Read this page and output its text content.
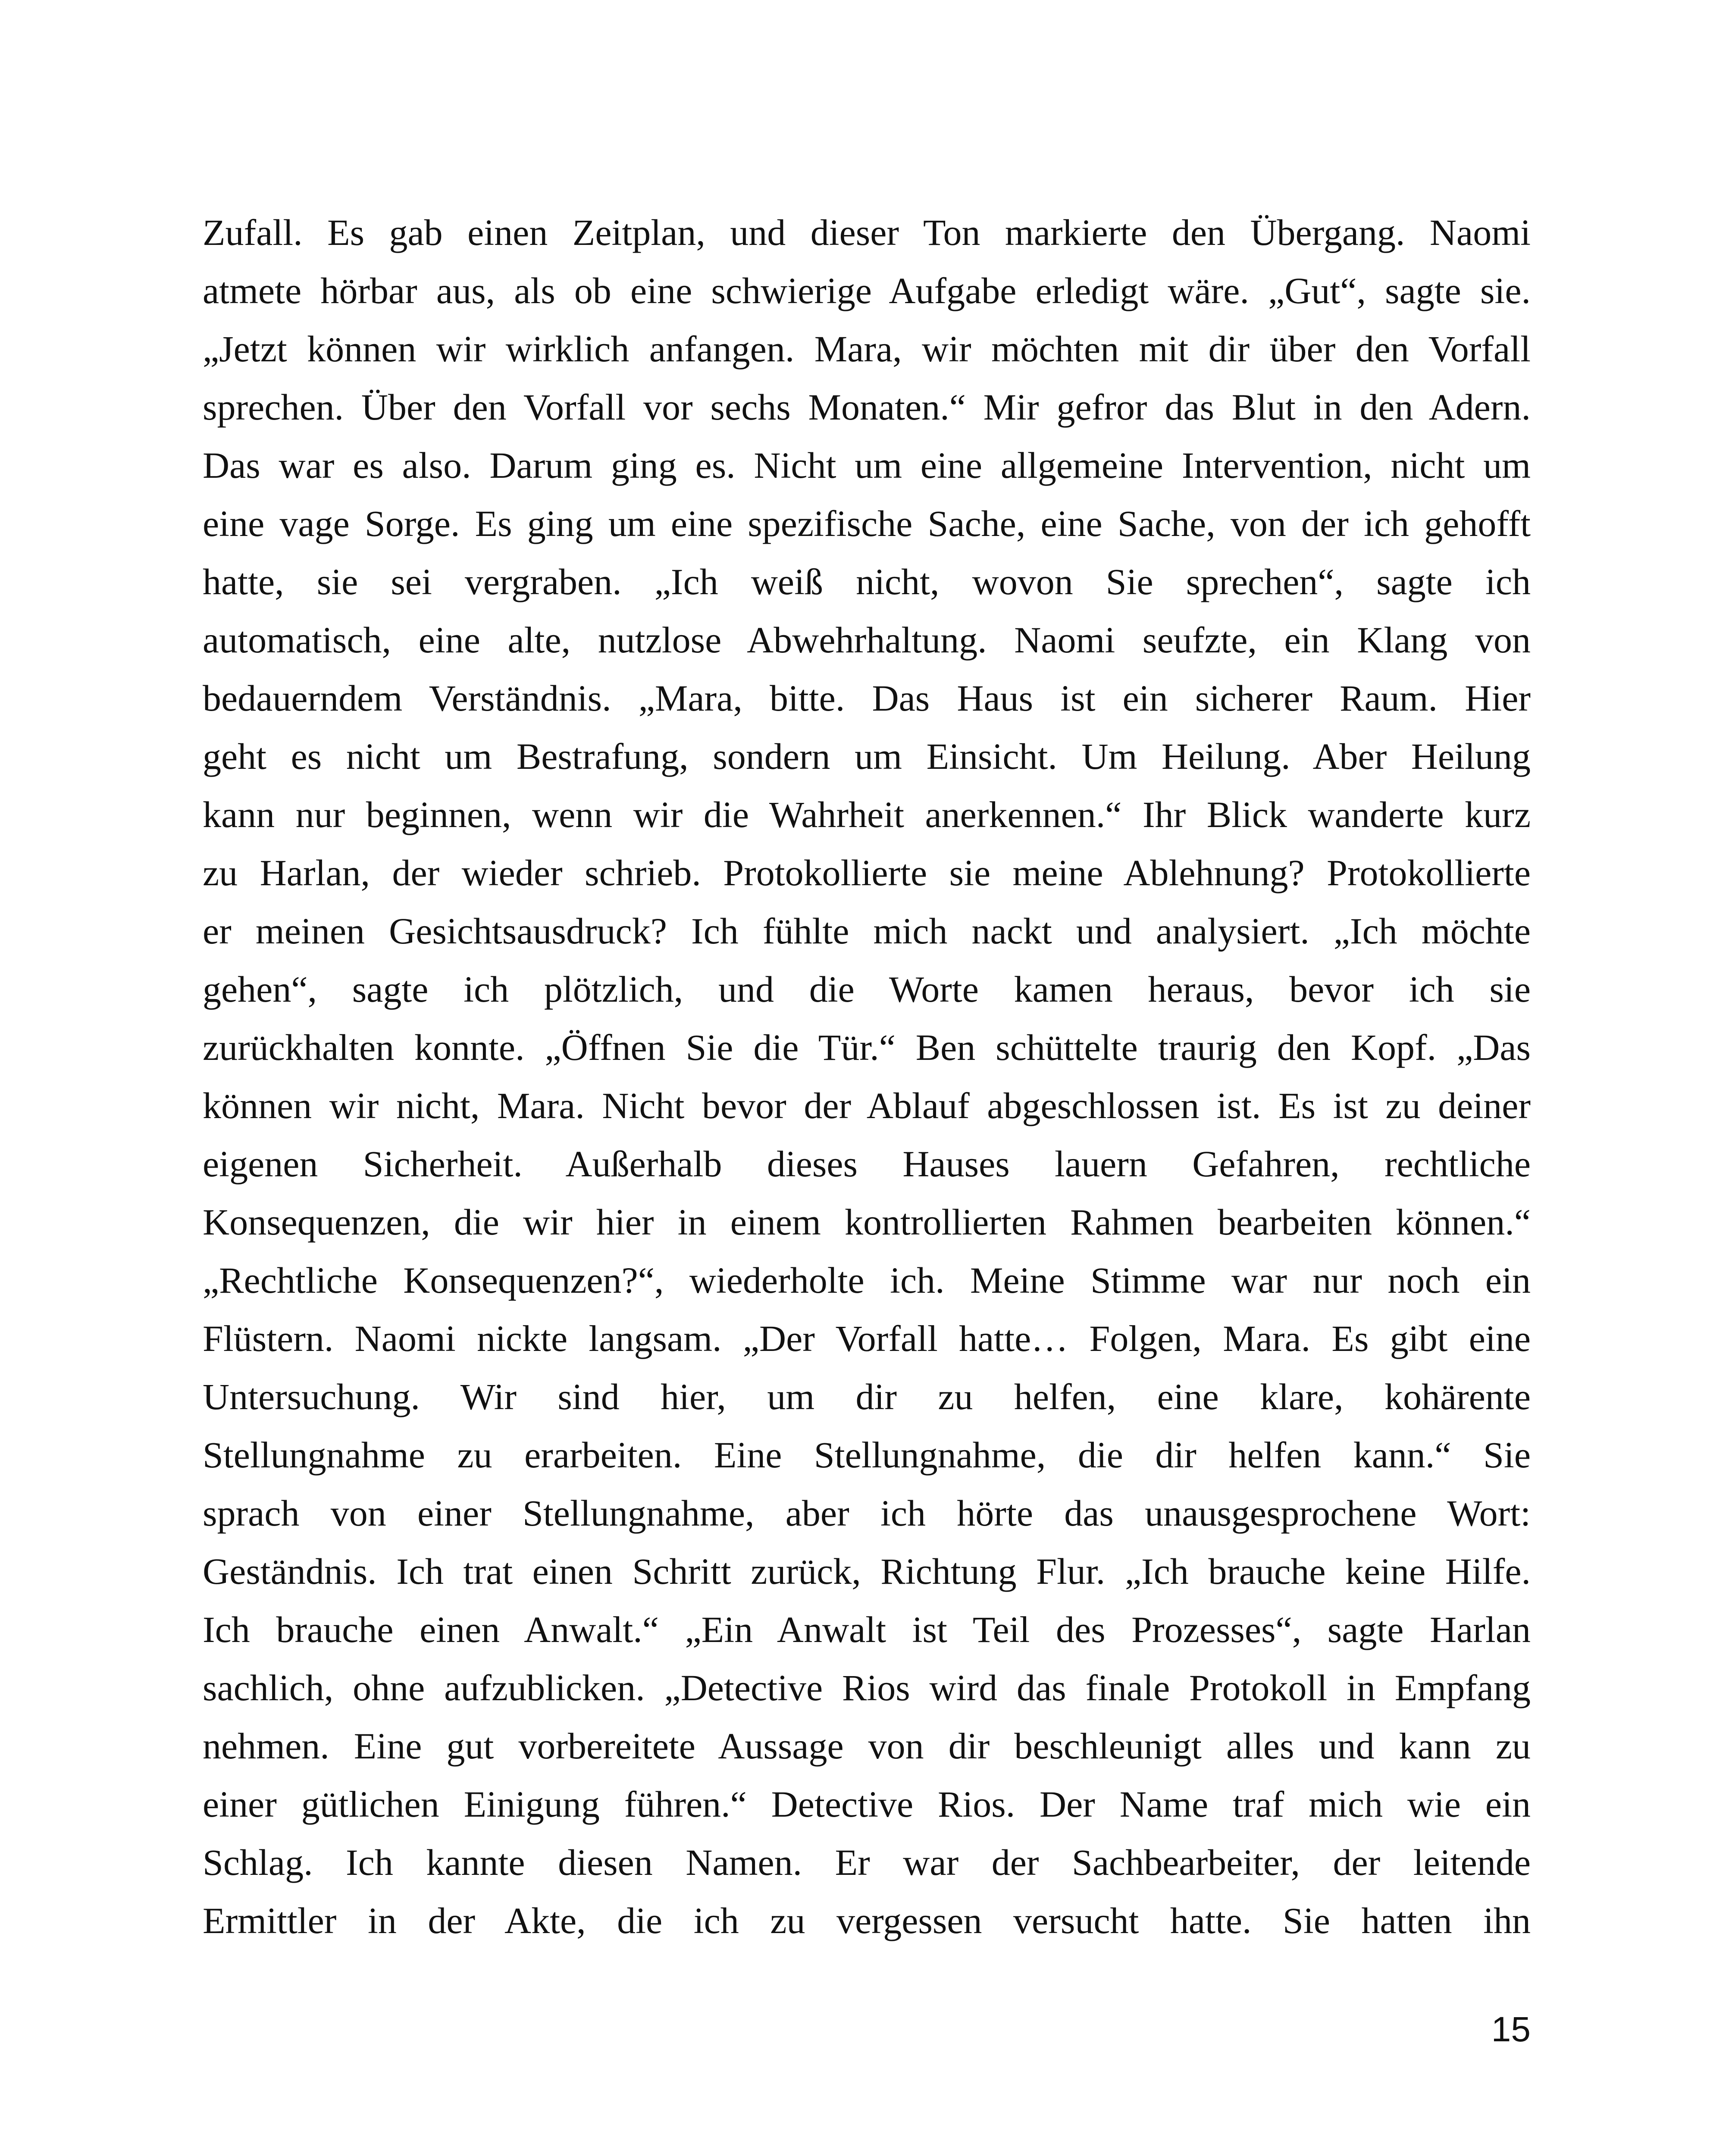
Zufall. Es gab einen Zeitplan, und dieser Ton markierte den Übergang. Naomi
atmete hörbar aus, als ob eine schwierige Aufgabe erledigt wäre. „Gut“, sagte sie.
„Jetzt können wir wirklich anfangen. Mara, wir möchten mit dir über den Vorfall
sprechen. Über den Vorfall vor sechs Monaten.“ Mir gefror das Blut in den Adern.
Das war es also. Darum ging es. Nicht um eine allgemeine Intervention, nicht um
eine vage Sorge. Es ging um eine spezifische Sache, eine Sache, von der ich gehofft
hatte, sie sei vergraben. „Ich weiß nicht, wovon Sie sprechen“, sagte ich
automatisch, eine alte, nutzlose Abwehrhaltung. Naomi seufzte, ein Klang von
bedauerndem Verständnis. „Mara, bitte. Das Haus ist ein sicherer Raum. Hier
geht es nicht um Bestrafung, sondern um Einsicht. Um Heilung. Aber Heilung
kann nur beginnen, wenn wir die Wahrheit anerkennen.“ Ihr Blick wanderte kurz
zu Harlan, der wieder schrieb. Protokollierte sie meine Ablehnung? Protokollierte
er meinen Gesichtsausdruck? Ich fühlte mich nackt und analysiert. „Ich möchte
gehen“, sagte ich plötzlich, und die Worte kamen heraus, bevor ich sie
zurückhalten konnte. „Öffnen Sie die Tür.“ Ben schüttelte traurig den Kopf. „Das
können wir nicht, Mara. Nicht bevor der Ablauf abgeschlossen ist. Es ist zu deiner
eigenen Sicherheit. Außerhalb dieses Hauses lauern Gefahren, rechtliche
Konsequenzen, die wir hier in einem kontrollierten Rahmen bearbeiten können.“
„Rechtliche Konsequenzen?“, wiederholte ich. Meine Stimme war nur noch ein
Flüstern. Naomi nickte langsam. „Der Vorfall hatte… Folgen, Mara. Es gibt eine
Untersuchung. Wir sind hier, um dir zu helfen, eine klare, kohärente
Stellungnahme zu erarbeiten. Eine Stellungnahme, die dir helfen kann.“ Sie
sprach von einer Stellungnahme, aber ich hörte das unausgesprochene Wort:
Geständnis. Ich trat einen Schritt zurück, Richtung Flur. „Ich brauche keine Hilfe.
Ich brauche einen Anwalt.“ „Ein Anwalt ist Teil des Prozesses“, sagte Harlan
sachlich, ohne aufzublicken. „Detective Rios wird das finale Protokoll in Empfang
nehmen. Eine gut vorbereitete Aussage von dir beschleunigt alles und kann zu
einer gütlichen Einigung führen.“ Detective Rios. Der Name traf mich wie ein
Schlag. Ich kannte diesen Namen. Er war der Sachbearbeiter, der leitende
Ermittler in der Akte, die ich zu vergessen versucht hatte. Sie hatten ihn
15
